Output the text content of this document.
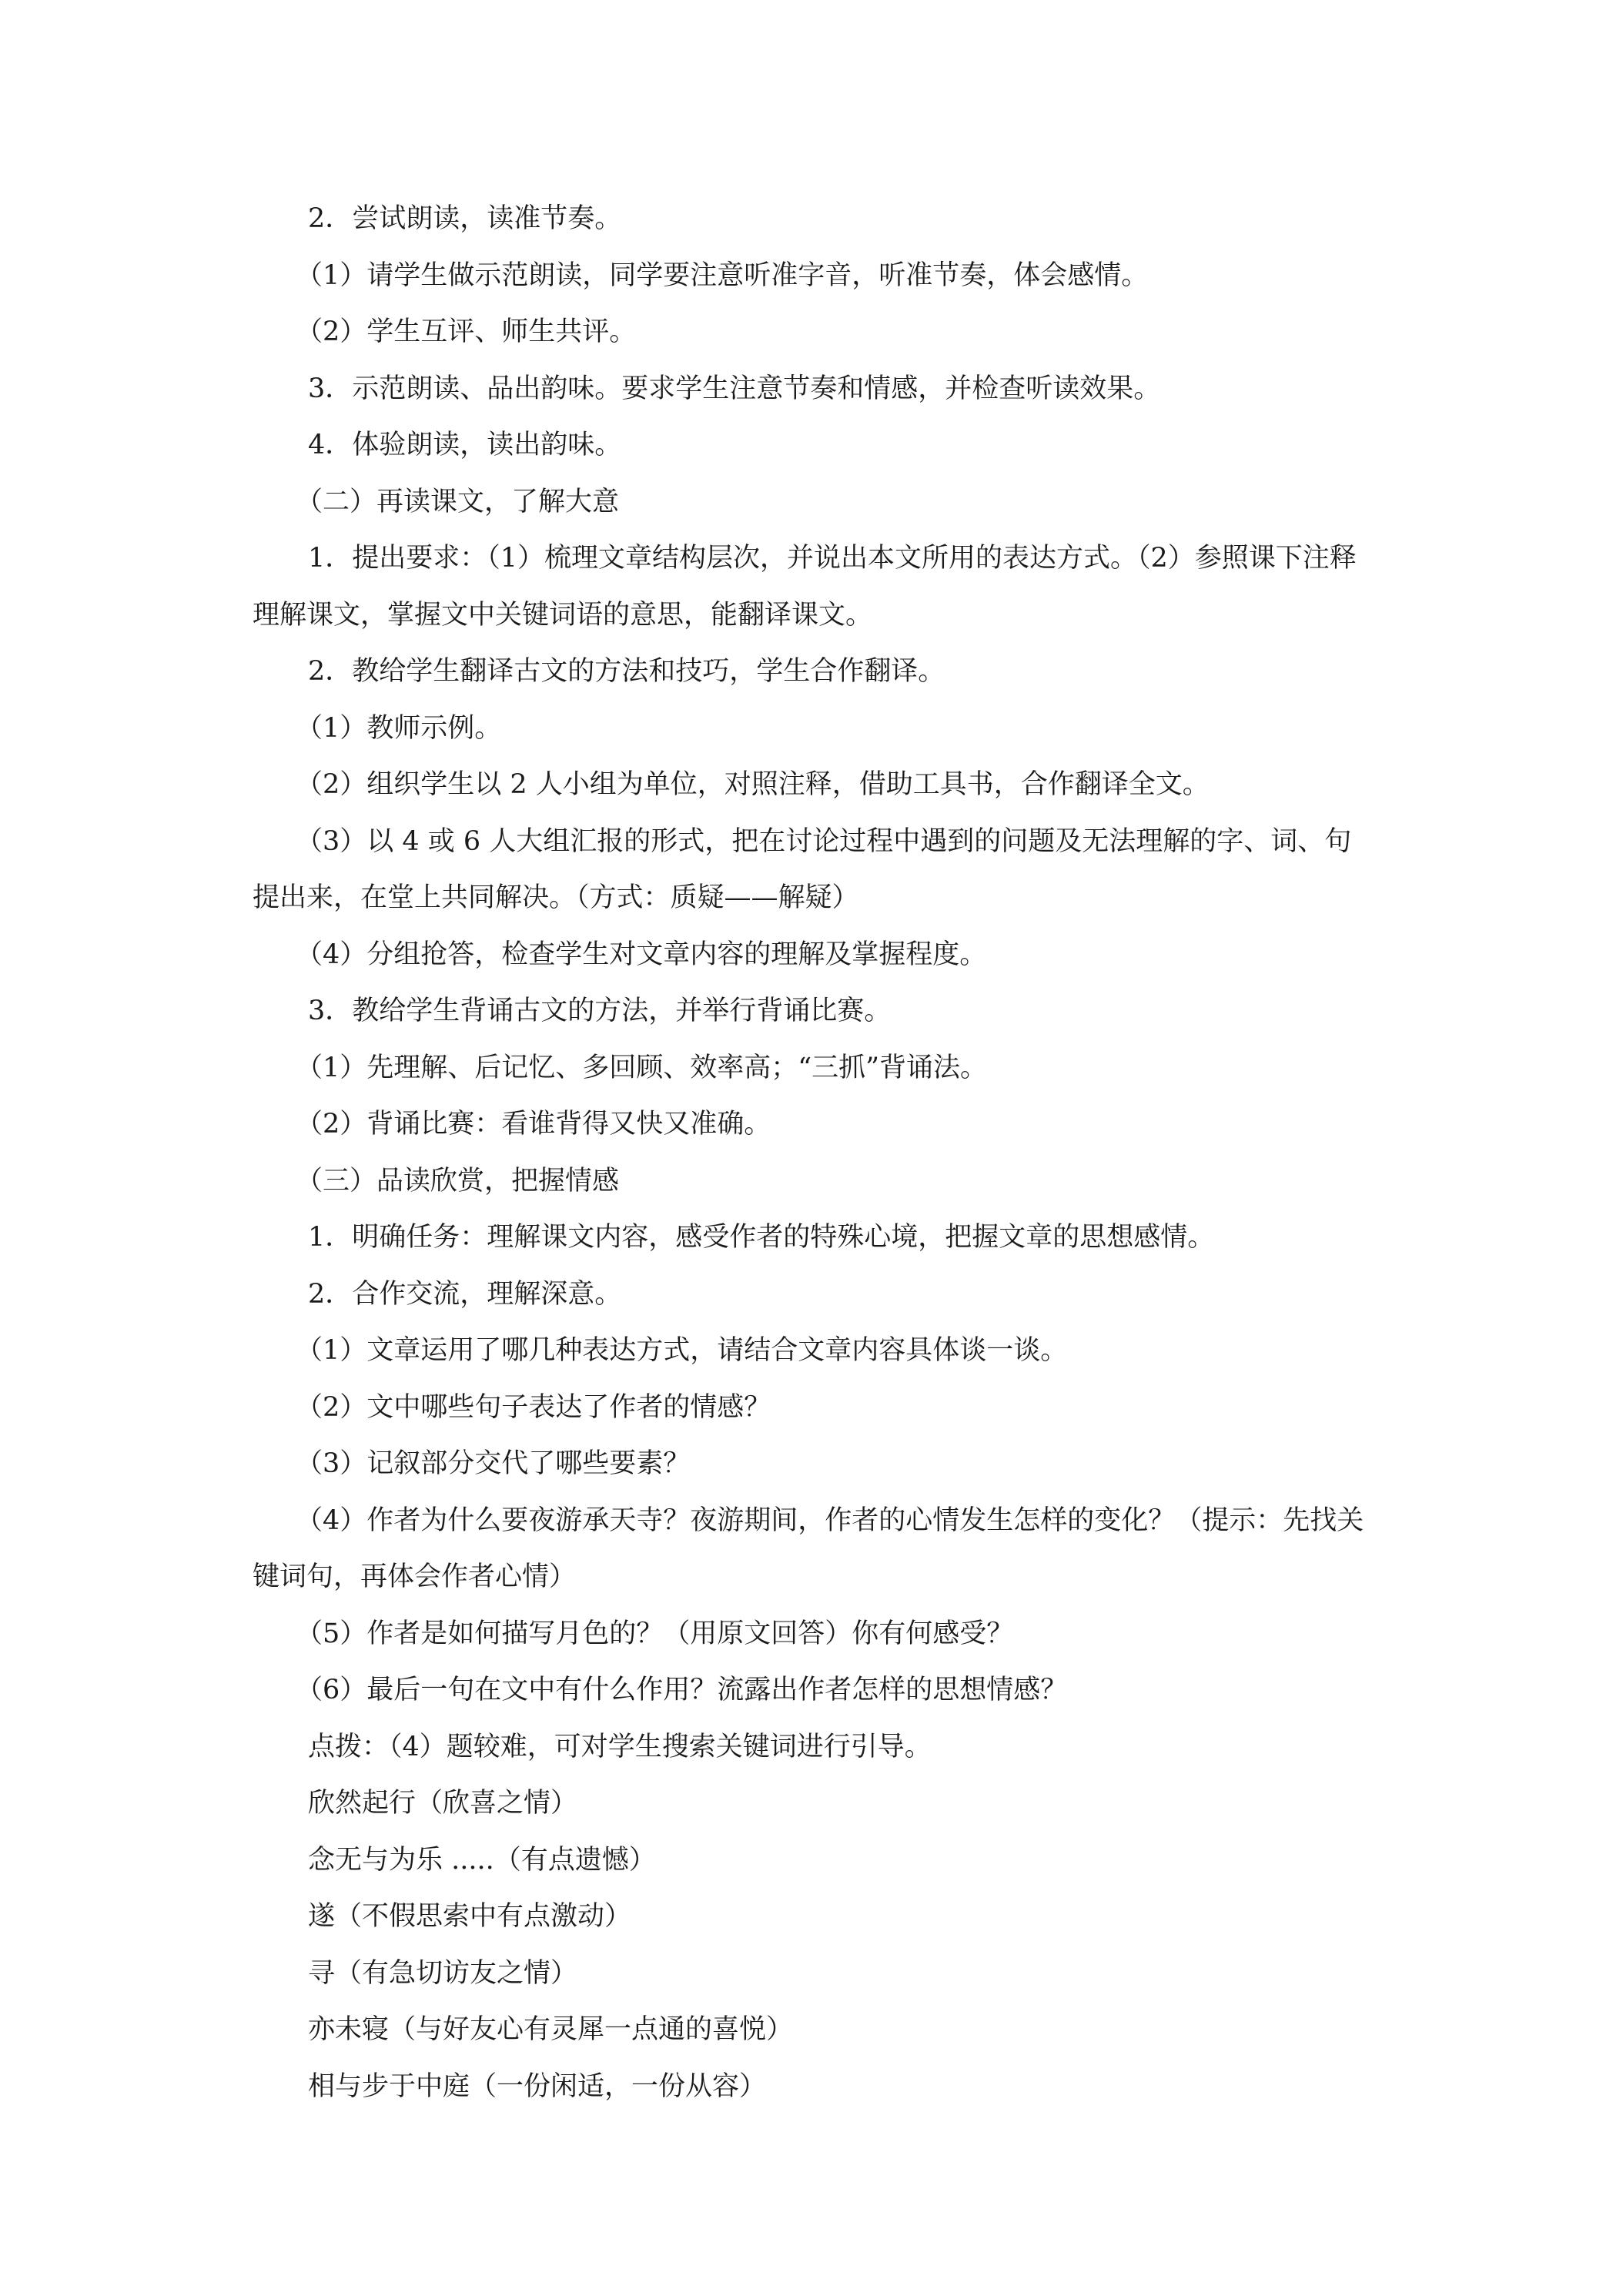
2．尝试朗读，读准节奏。

（1）请学生做示范朗读，同学要注意听准字音，听准节奏，体会感情。

（2）学生互评、师生共评。

3．示范朗读、品出韵味。要求学生注意节奏和情感，并检查听读效果。

4．体验朗读，读出韵味。

（二）再读课文，了解大意

1．提出要求：（1）梳理文章结构层次，并说出本文所用的表达方式。（2）参照课下注释理解课文，掌握文中关键词语的意思，能翻译课文。

2．教给学生翻译古文的方法和技巧，学生合作翻译。

（1）教师示例。

（2）组织学生以 2 人小组为单位，对照注释，借助工具书，合作翻译全文。

（3）以 4 或 6 人大组汇报的形式，把在讨论过程中遇到的问题及无法理解的字、词、句提出来，在堂上共同解决。（方式：质疑——解疑）

（4）分组抢答，检查学生对文章内容的理解及掌握程度。

3．教给学生背诵古文的方法，并举行背诵比赛。

（1）先理解、后记忆、多回顾、效率高；“三抓”背诵法。

（2）背诵比赛：看谁背得又快又准确。

（三）品读欣赏，把握情感

1．明确任务：理解课文内容，感受作者的特殊心境，把握文章的思想感情。

2．合作交流，理解深意。

（1）文章运用了哪几种表达方式，请结合文章内容具体谈一谈。

（2）文中哪些句子表达了作者的情感？

（3）记叙部分交代了哪些要素？

（4）作者为什么要夜游承天寺？夜游期间，作者的心情发生怎样的变化？（提示：先找关键词句，再体会作者心情）

（5）作者是如何描写月色的？（用原文回答）你有何感受？

（6）最后一句在文中有什么作用？流露出作者怎样的思想情感？

点拨：（4）题较难，可对学生搜索关键词进行引导。

欣然起行（欣喜之情）

念无与为乐 .....（有点遗憾）

遂（不假思索中有点激动）

寻（有急切访友之情）

亦未寝（与好友心有灵犀一点通的喜悦）

相与步于中庭（一份闲适，一份从容）
